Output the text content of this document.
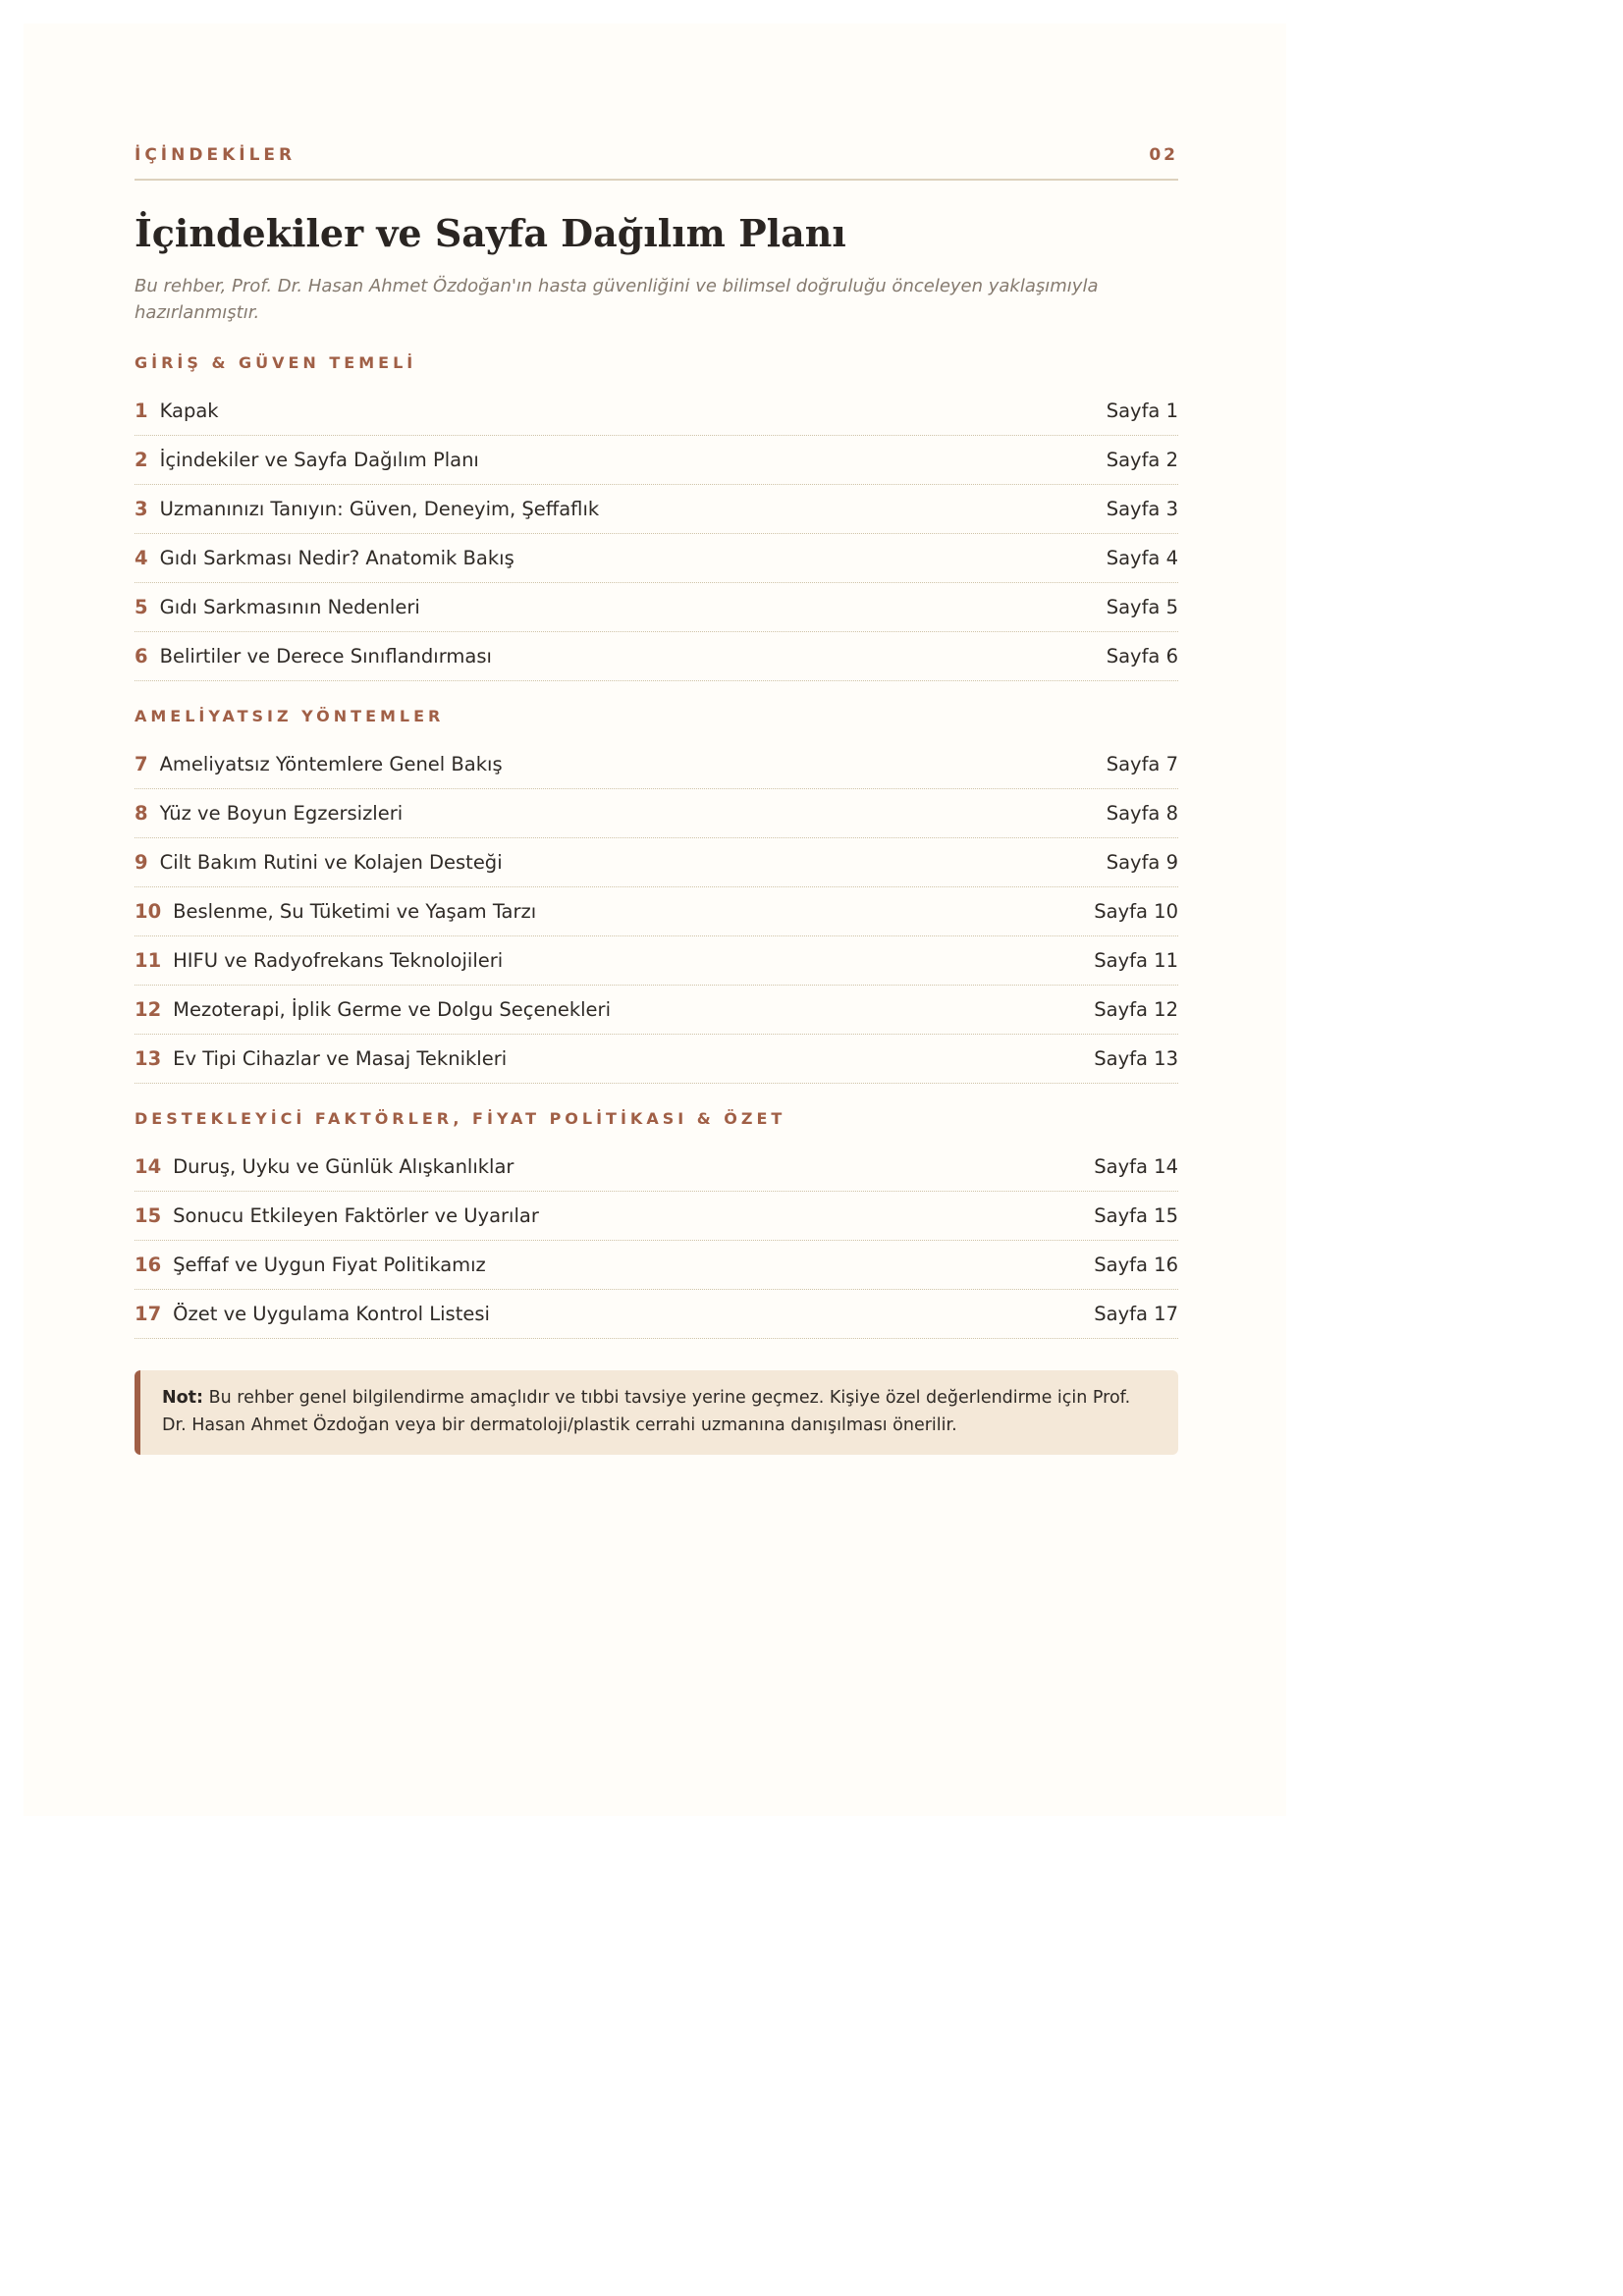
İÇİNDEKİLER	02
İçindekiler ve Sayfa Dağılım Planı
Bu rehber, Prof. Dr. Hasan Ahmet Özdoğan'ın hasta güvenliğini ve bilimsel doğruluğu önceleyen yaklaşımıyla hazırlanmıştır.
GİRİŞ & GÜVEN TEMELİ
1 Kapak	Sayfa 1
2 İçindekiler ve Sayfa Dağılım Planı	Sayfa 2
3 Uzmanınızı Tanıyın: Güven, Deneyim, Şeffaflık	Sayfa 3
4 Gıdı Sarkması Nedir? Anatomik Bakış	Sayfa 4
5 Gıdı Sarkmasının Nedenleri	Sayfa 5
6 Belirtiler ve Derece Sınıflandırması	Sayfa 6
AMELİYATSIZ YÖNTEMLER
7 Ameliyatsız Yöntemlere Genel Bakış	Sayfa 7
8 Yüz ve Boyun Egzersizleri	Sayfa 8
9 Cilt Bakım Rutini ve Kolajen Desteği	Sayfa 9
10 Beslenme, Su Tüketimi ve Yaşam Tarzı	Sayfa 10
11 HIFU ve Radyofrekans Teknolojileri	Sayfa 11
12 Mezoterapi, İplik Germe ve Dolgu Seçenekleri	Sayfa 12
13 Ev Tipi Cihazlar ve Masaj Teknikleri	Sayfa 13
DESTEKLEYİCİ FAKTÖRLER, FİYAT POLİTİKASI & ÖZET
14 Duruş, Uyku ve Günlük Alışkanlıklar	Sayfa 14
15 Sonucu Etkileyen Faktörler ve Uyarılar	Sayfa 15
16 Şeffaf ve Uygun Fiyat Politikamız	Sayfa 16
17 Özet ve Uygulama Kontrol Listesi	Sayfa 17
Not: Bu rehber genel bilgilendirme amaçlıdır ve tıbbi tavsiye yerine geçmez. Kişiye özel değerlendirme için Prof. Dr. Hasan Ahmet Özdoğan veya bir dermatoloji/plastik cerrahi uzmanına danışılması önerilir.
